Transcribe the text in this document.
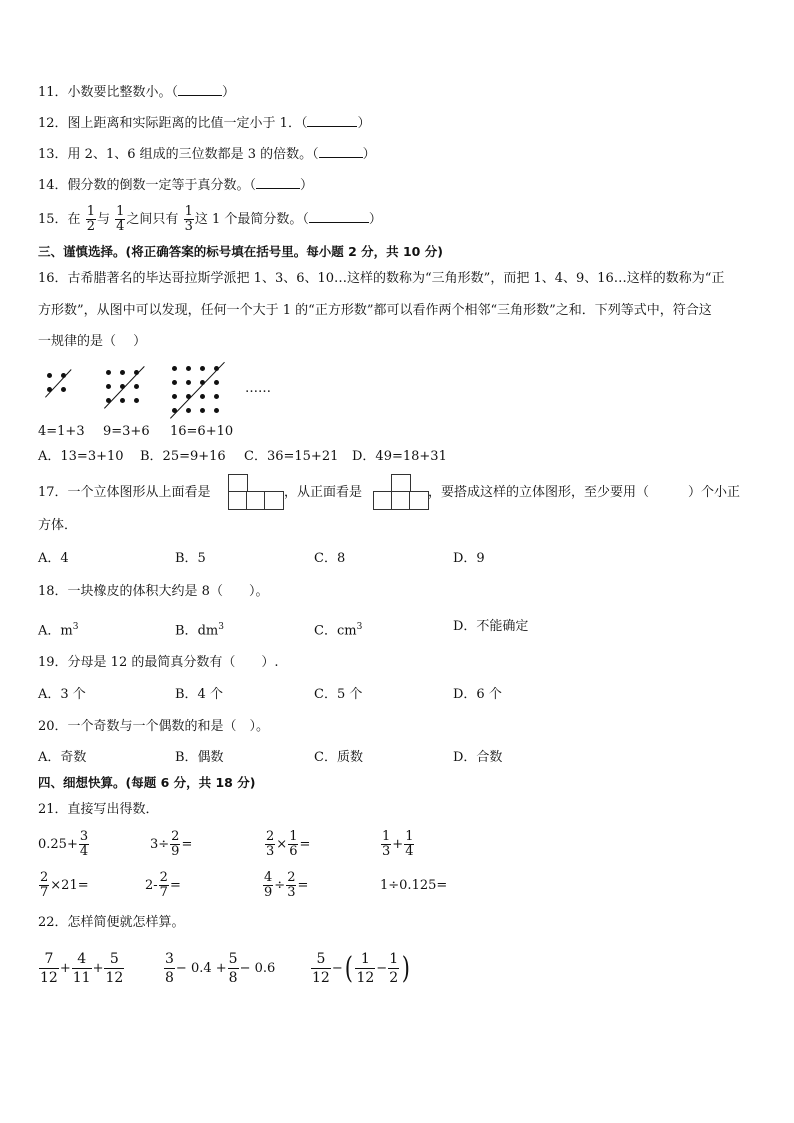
11．小数要比整数小。（	）
12．图上距离和实际距离的比值一定小于 1．（	）
13．用 2、1、6 组成的三位数都是 3 的倍数。（	）
14．假分数的倒数一定等于真分数。（	）
15．在 $\frac{1}{2}$ 与 $\frac{1}{4}$ 之间只有 $\frac{1}{3}$ 这 1 个最简分数。（	）
三、谨慎选择。(将正确答案的标号填在括号里。每小题 2 分，共 10 分)
16．古希腊著名的毕达哥拉斯学派把 1、3、6、10…这样的数称为“三角形数”，而把 1、4、9、16…这样的数称为“正
方形数”，从图中可以发现，任何一个大于 1 的“正方形数”都可以看作两个相邻“三角形数”之和．下列等式中，符合这
一规律的是（　 ）
……
4=1+3 9=3+6 16=6+10
A．13=3+10 B．25=9+16 C．36=15+21 D．49=18+31
17．一个立体图形从上面看是	，从正面看是	，要搭成这样的立体图形，至少要用（　　　）个小正
方体．
A．4	B．5	C．8	D．9
18．一块橡皮的体积大约是 8（　　）。
A．$m^3$	B．$dm^3$	C．$cm^3$	D．不能确定
19．分母是 12 的最简真分数有（　　）.
A．3 个	B．4 个	C．5 个	D．6 个
20．一个奇数与一个偶数的和是（　）。
A．奇数	B．偶数	C．质数	D．合数
四、细想快算。(每题 6 分，共 18 分)
21．直接写出得数．
$0.25+ \frac{3}{4}$	$3\div \frac{2}{9}$ =	$\frac{2}{3} \times \frac{1}{6}$ =	$\frac{1}{3} + \frac{1}{4}$
$\frac{2}{7} \times 21=$	$2- \frac{2}{7}$ =	$\frac{4}{9} \div \frac{2}{3}$ =	1÷0.125=
22．怎样简便就怎样算。
$\frac{7}{12} + \frac{4}{11} + \frac{5}{12}$	$\frac{3}{8} - 0.4 + \frac{5}{8} - 0.6$	$\frac{5}{12}$ −( $\frac{1}{12} - \frac{1}{2}$ )
